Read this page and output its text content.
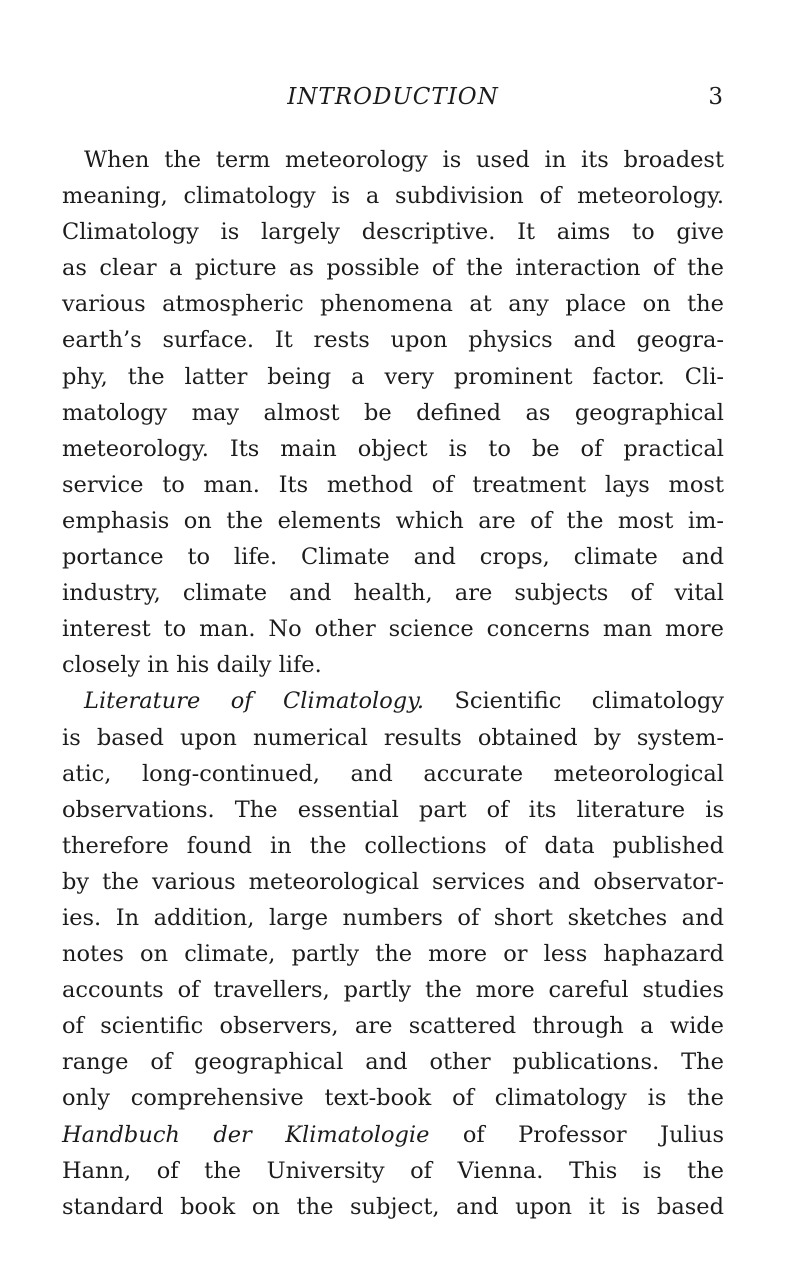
INTRODUCTION	3
When the term meteorology is used in its broadest
meaning, climatology is a subdivision of meteorology.
Climatology is largely descriptive. It aims to give
as clear a picture as possible of the interaction of the
various atmospheric phenomena at any place on the
earth’s surface. It rests upon physics and geogra-
phy, the latter being a very prominent factor. Cli-
matology may almost be defined as geographical
meteorology. Its main object is to be of practical
service to man. Its method of treatment lays most
emphasis on the elements which are of the most im-
portance to life. Climate and crops, climate and
industry, climate and health, are subjects of vital
interest to man. No other science concerns man more
closely in his daily life.
Literature of Climatology. Scientific climatology
is based upon numerical results obtained by system-
atic, long-continued, and accurate meteorological
observations. The essential part of its literature is
therefore found in the collections of data published
by the various meteorological services and observator-
ies. In addition, large numbers of short sketches and
notes on climate, partly the more or less haphazard
accounts of travellers, partly the more careful studies
of scientific observers, are scattered through a wide
range of geographical and other publications. The
only comprehensive text-book of climatology is the
Handbuch der Klimatologie of Professor Julius
Hann, of the University of Vienna. This is the
standard book on the subject, and upon it is based
